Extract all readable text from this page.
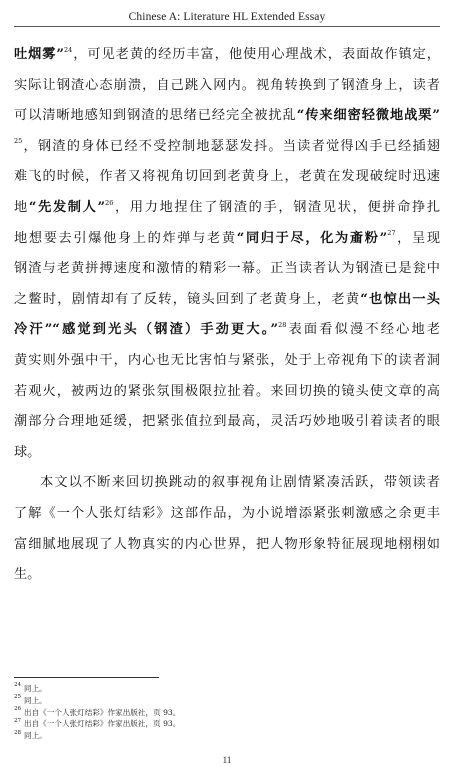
Chinese A: Literature HL Extended Essay
吐烟雾”$^{24}$，可见老黄的经历丰富，他使用心理战术，表面故作镇定，
实际让钢渣心态崩溃，自己跳入网内。视角转换到了钢渣身上，读者
可以清晰地感知到钢渣的思绪已经完全被扰乱“传来细密轻微地战栗”
$^{25}$，钢渣的身体已经不受控制地瑟瑟发抖。当读者觉得凶手已经插翅
难飞的时候，作者又将视角切回到老黄身上，老黄在发现破绽时迅速
地“先发制人”$^{26}$，用力地捏住了钢渣的手，钢渣见状，便拼命挣扎
地想要去引爆他身上的炸弹与老黄“同归于尽，化为齑粉”$^{27}$，呈现
钢渣与老黄拼搏速度和激情的精彩一幕。正当读者认为钢渣已是瓮中
之鳖时，剧情却有了反转，镜头回到了老黄身上，老黄“也惊出一头
冷汗”“感觉到光头（钢渣）手劲更大。”$^{28}$表面看似漫不经心地老
黄实则外强中干，内心也无比害怕与紧张，处于上帝视角下的读者洞
若观火，被两边的紧张氛围极限拉扯着。来回切换的镜头使文章的高
潮部分合理地延缓，把紧张值拉到最高，灵活巧妙地吸引着读者的眼
球。
本文以不断来回切换跳动的叙事视角让剧情紧凑活跃，带领读者
了解《一个人张灯结彩》这部作品，为小说增添紧张刺激感之余更丰
富细腻地展现了人物真实的内心世界，把人物形象特征展现地栩栩如
生。
$^{24}$ 同上。
$^{25}$ 同上。
$^{26}$ 出自《一个人张灯结彩》作家出版社，页 93。
$^{27}$ 出自《一个人张灯结彩》作家出版社，页 93。
$^{28}$ 同上。
11
